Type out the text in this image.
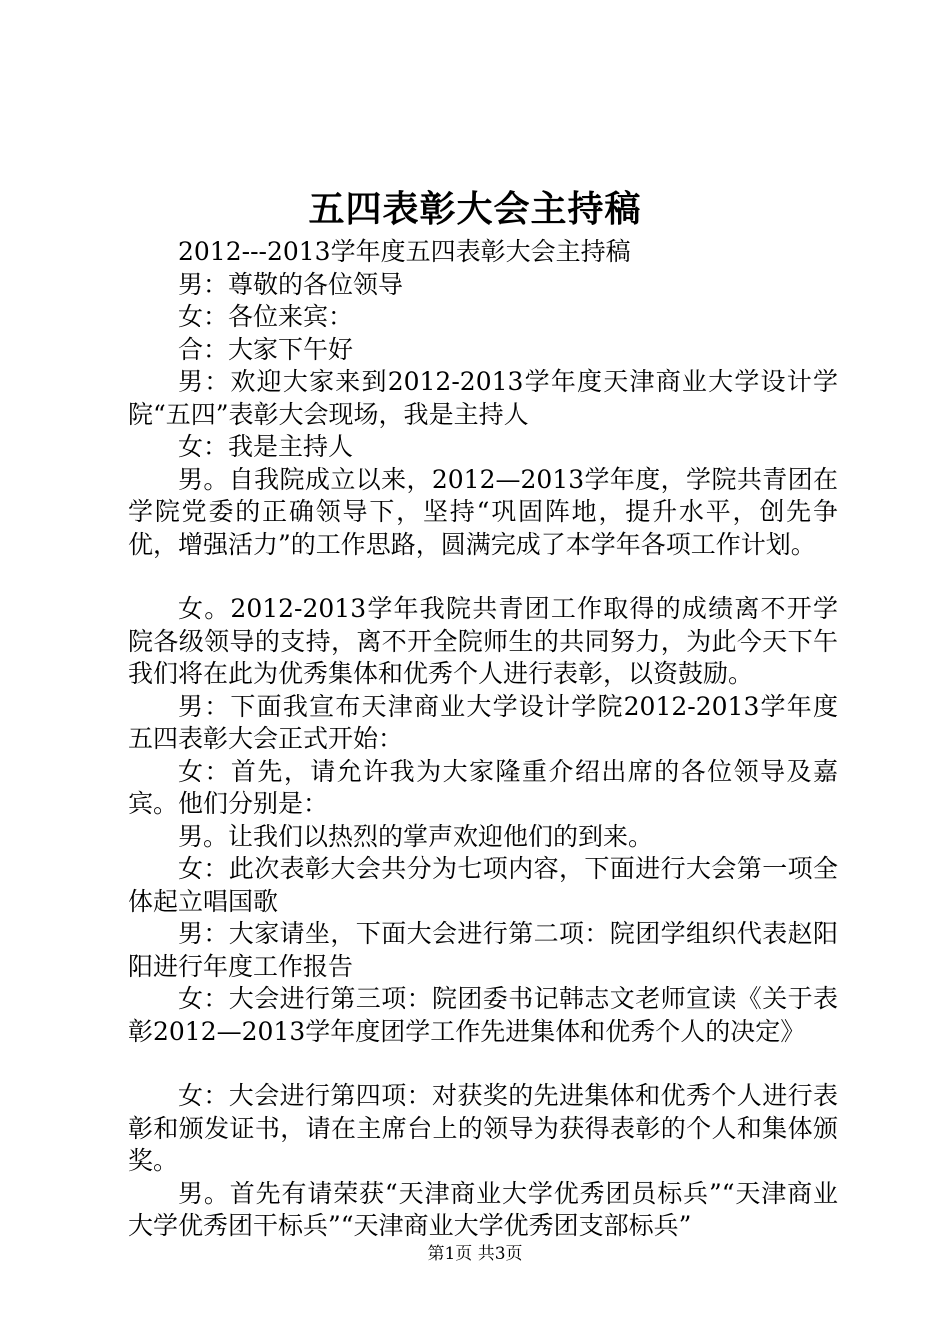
五四表彰大会主持稿

2012---2013学年度五四表彰大会主持稿

男：尊敬的各位领导

女：各位来宾：

合：大家下午好

男：欢迎大家来到2012-2013学年度天津商业大学设计学院“五四”表彰大会现场，我是主持人

女：我是主持人

男。自我院成立以来，2012—2013学年度，学院共青团在学院党委的正确领导下，坚持“巩固阵地，提升水平，创先争优，增强活力”的工作思路，圆满完成了本学年各项工作计划。

女。2012-2013学年我院共青团工作取得的成绩离不开学院各级领导的支持，离不开全院师生的共同努力，为此今天下午我们将在此为优秀集体和优秀个人进行表彰，以资鼓励。

男：下面我宣布天津商业大学设计学院2012-2013学年度五四表彰大会正式开始：

女：首先，请允许我为大家隆重介绍出席的各位领导及嘉宾。他们分别是：

男。让我们以热烈的掌声欢迎他们的到来。

女：此次表彰大会共分为七项内容，下面进行大会第一项全体起立唱国歌

男：大家请坐，下面大会进行第二项：院团学组织代表赵阳阳进行年度工作报告

女：大会进行第三项：院团委书记韩志文老师宣读《关于表彰2012—2013学年度团学工作先进集体和优秀个人的决定》

女：大会进行第四项：对获奖的先进集体和优秀个人进行表彰和颁发证书，请在主席台上的领导为获得表彰的个人和集体颁奖。

男。首先有请荣获“天津商业大学优秀团员标兵”“天津商业大学优秀团干标兵”“天津商业大学优秀团支部标兵”

第1页 共3页
